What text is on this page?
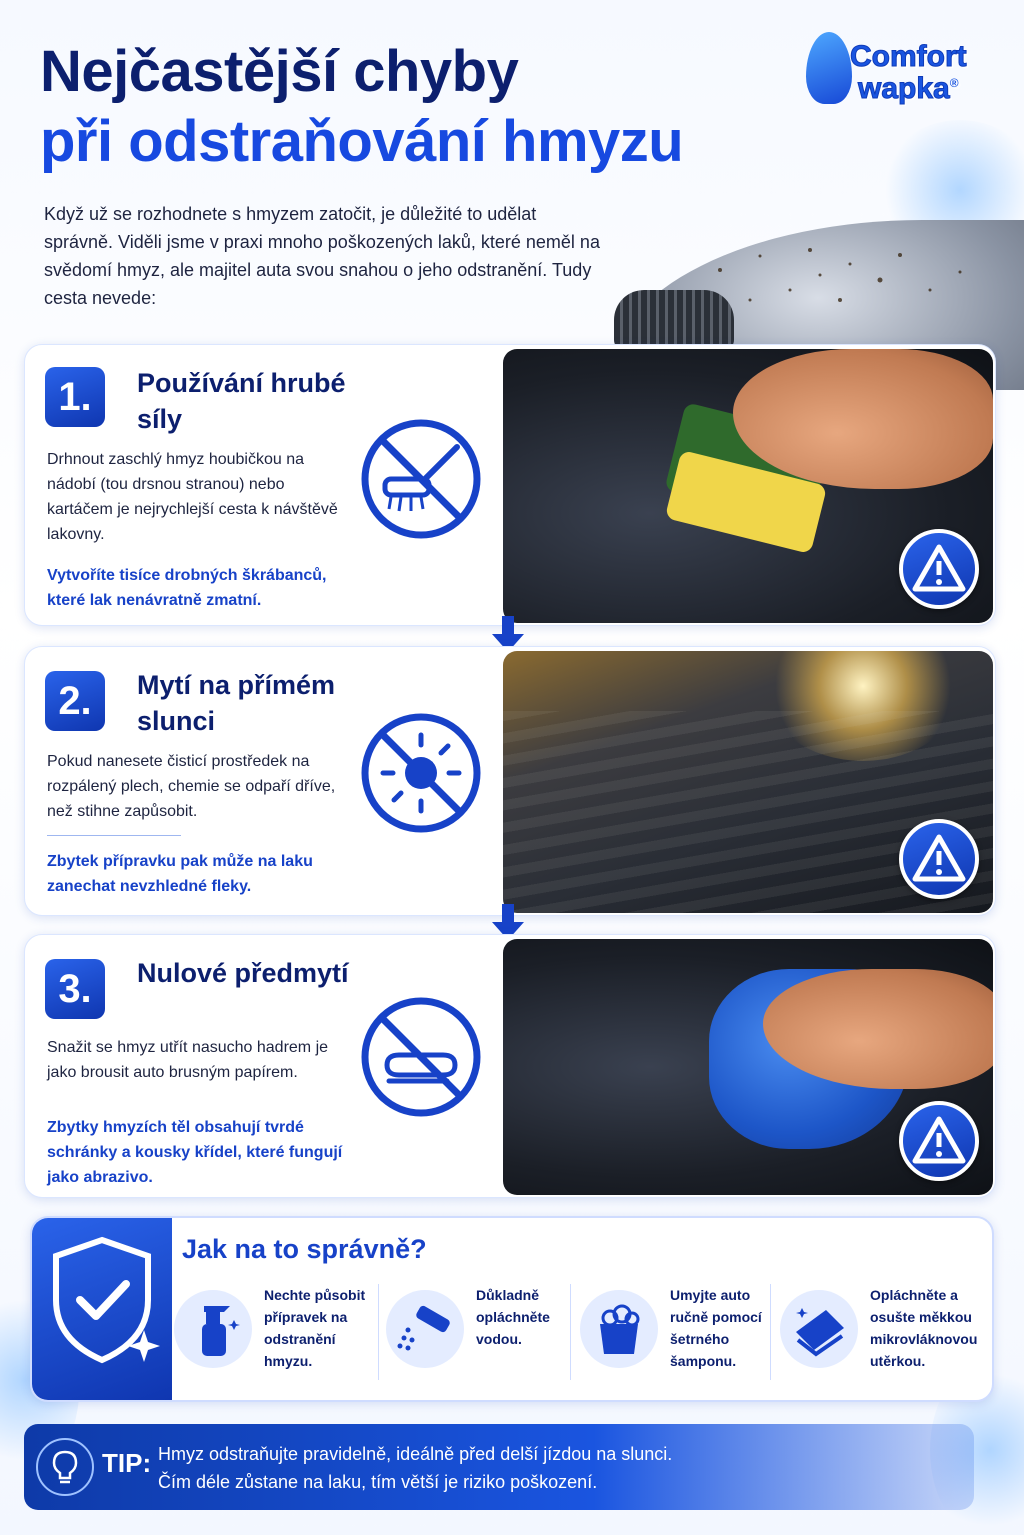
Nejčastější chyby
při odstraňování hmyzu
Comfort
wapka®

Když už se rozhodnete s hmyzem zatočit, je důležité to udělat správně. Viděli jsme v praxi mnoho poškozených laků, které neměl na svědomí hmyz, ale majitel auta svou snahou o jeho odstranění. Tudy cesta nevede:

1.	Používání hrubé síly

Drhnout zaschlý hmyz houbičkou na nádobí (tou drsnou stranou) nebo kartáčem je nejrychlejší cesta k návštěvě lakovny.

Vytvoříte tisíce drobných škrábanců, které lak nenávratně zmatní.

2.	Mytí na přímém slunci

Pokud nanesete čisticí prostředek na rozpálený plech, chemie se odpaří dříve, než stihne zapůsobit.

Zbytek přípravku pak může na laku zanechat nevzhledné fleky.

3.	Nulové předmytí

Snažit se hmyz utřít nasucho hadrem je jako brousit auto brusným papírem.

Zbytky hmyzích těl obsahují tvrdé schránky a kousky křídel, které fungují jako abrazivo.

Jak na to správně?

Nechte působit přípravek na odstranění hmyzu.

Důkladně opláchněte vodou.

Umyjte auto ručně pomocí šetrného šamponu.

Opláchněte a osušte měkkou mikrovláknovou utěrkou.

TIP: Hmyz odstraňujte pravidelně, ideálně před delší jízdou na slunci.
Čím déle zůstane na laku, tím větší je riziko poškození.
